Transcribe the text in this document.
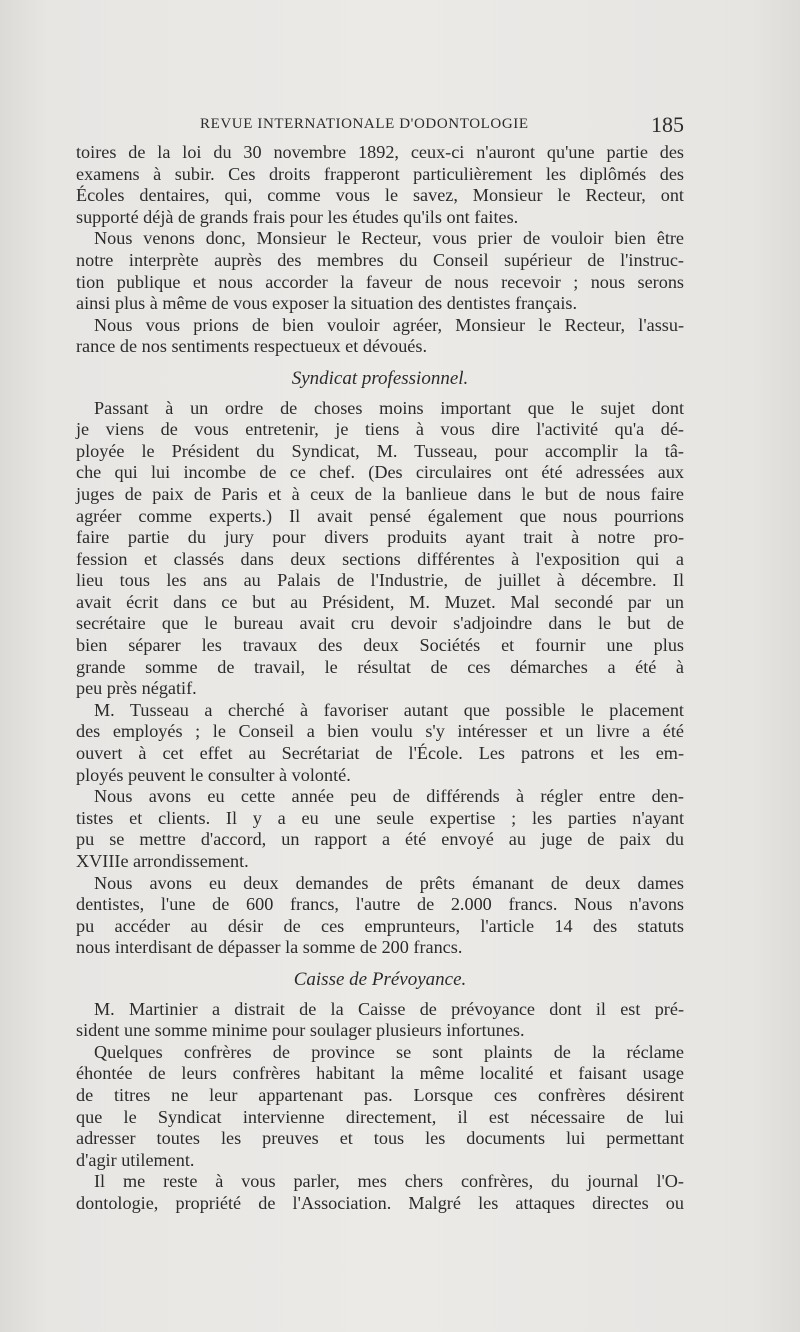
REVUE INTERNATIONALE D'ODONTOLOGIE	185
toires de la loi du 30 novembre 1892, ceux-ci n'auront qu'une partie des
examens à subir. Ces droits frapperont particulièrement les diplômés des
Écoles dentaires, qui, comme vous le savez, Monsieur le Recteur, ont
supporté déjà de grands frais pour les études qu'ils ont faites.
Nous venons donc, Monsieur le Recteur, vous prier de vouloir bien être
notre interprète auprès des membres du Conseil supérieur de l'instruc-
tion publique et nous accorder la faveur de nous recevoir ; nous serons
ainsi plus à même de vous exposer la situation des dentistes français.
Nous vous prions de bien vouloir agréer, Monsieur le Recteur, l'assu-
rance de nos sentiments respectueux et dévoués.
Syndicat professionnel.
Passant à un ordre de choses moins important que le sujet dont
je viens de vous entretenir, je tiens à vous dire l'activité qu'a dé-
ployée le Président du Syndicat, M. Tusseau, pour accomplir la tâ-
che qui lui incombe de ce chef. (Des circulaires ont été adressées aux
juges de paix de Paris et à ceux de la banlieue dans le but de nous faire
agréer comme experts.) Il avait pensé également que nous pourrions
faire partie du jury pour divers produits ayant trait à notre pro-
fession et classés dans deux sections différentes à l'exposition qui a
lieu tous les ans au Palais de l'Industrie, de juillet à décembre. Il
avait écrit dans ce but au Président, M. Muzet. Mal secondé par un
secrétaire que le bureau avait cru devoir s'adjoindre dans le but de
bien séparer les travaux des deux Sociétés et fournir une plus
grande somme de travail, le résultat de ces démarches a été à
peu près négatif.
M. Tusseau a cherché à favoriser autant que possible le placement
des employés ; le Conseil a bien voulu s'y intéresser et un livre a été
ouvert à cet effet au Secrétariat de l'École. Les patrons et les em-
ployés peuvent le consulter à volonté.
Nous avons eu cette année peu de différends à régler entre den-
tistes et clients. Il y a eu une seule expertise ; les parties n'ayant
pu se mettre d'accord, un rapport a été envoyé au juge de paix du
XVIIIe arrondissement.
Nous avons eu deux demandes de prêts émanant de deux dames
dentistes, l'une de 600 francs, l'autre de 2.000 francs. Nous n'avons
pu accéder au désir de ces emprunteurs, l'article 14 des statuts
nous interdisant de dépasser la somme de 200 francs.
Caisse de Prévoyance.
M. Martinier a distrait de la Caisse de prévoyance dont il est pré-
sident une somme minime pour soulager plusieurs infortunes.
Quelques confrères de province se sont plaints de la réclame
éhontée de leurs confrères habitant la même localité et faisant usage
de titres ne leur appartenant pas. Lorsque ces confrères désirent
que le Syndicat intervienne directement, il est nécessaire de lui
adresser toutes les preuves et tous les documents lui permettant
d'agir utilement.
Il me reste à vous parler, mes chers confrères, du journal l'O-
dontologie, propriété de l'Association. Malgré les attaques directes ou
